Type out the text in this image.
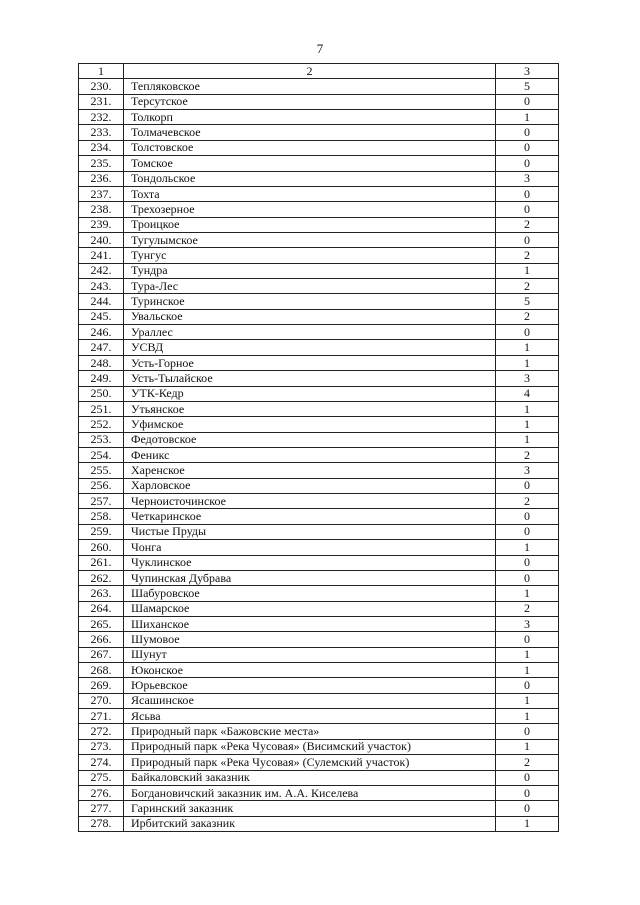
7
1	2	3
230.	Тепляковское	5
231.	Терсутское	0
232.	Толкорп	1
233.	Толмачевское	0
234.	Толстовское	0
235.	Томское	0
236.	Тондольское	3
237.	Тохта	0
238.	Трехозерное	0
239.	Троицкое	2
240.	Тугулымское	0
241.	Тунгус	2
242.	Тундра	1
243.	Тура-Лес	2
244.	Туринское	5
245.	Увальское	2
246.	Ураллес	0
247.	УСВД	1
248.	Усть-Горное	1
249.	Усть-Тылайское	3
250.	УТК-Кедр	4
251.	Утьянское	1
252.	Уфимское	1
253.	Федотовское	1
254.	Феникс	2
255.	Харенское	3
256.	Харловское	0
257.	Черноисточинское	2
258.	Четкаринское	0
259.	Чистые Пруды	0
260.	Чонга	1
261.	Чуклинское	0
262.	Чупинская Дубрава	0
263.	Шабуровское	1
264.	Шамарское	2
265.	Шиханское	3
266.	Шумовое	0
267.	Шунут	1
268.	Юконское	1
269.	Юрьевское	0
270.	Ясашинское	1
271.	Ясьва	1
272.	Природный парк «Бажовские места»	0
273.	Природный парк «Река Чусовая» (Висимский участок)	1
274.	Природный парк «Река Чусовая» (Сулемский участок)	2
275.	Байкаловский заказник	0
276.	Богдановичский заказник им. А.А. Киселева	0
277.	Гаринский заказник	0
278.	Ирбитский заказник	1
